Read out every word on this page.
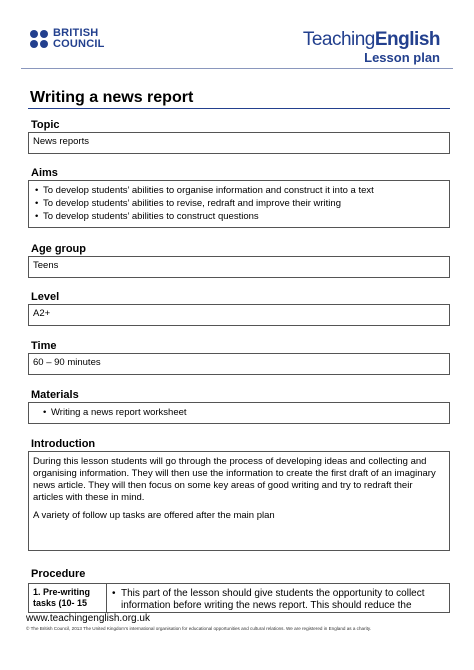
BRITISH
COUNCIL	TeachingEnglish
Lesson plan
Writing a news report
Topic
News reports
Aims
• To develop students’ abilities to organise information and construct it into a text
• To develop students’ abilities to revise, redraft and improve their writing
• To develop students’ abilities to construct questions
Age group
Teens
Level
A2+
Time
60 – 90 minutes
Materials
• Writing a news report worksheet
Introduction

During this lesson students will go through the process of developing ideas and collecting and organising information. They will then use the information to create the first draft of an imaginary news article. They will then focus on some key areas of good writing and try to redraft their articles with these in mind.

A variety of follow up tasks are offered after the main plan

Procedure
1. Pre-writing
tasks (10- 15
• This part of the lesson should give students the opportunity to collect information before writing the news report. This should reduce the
www.teachingenglish.org.uk
© The British Council, 2013 The United Kingdom’s international organisation for educational opportunities and cultural relations. We are registered in England as a charity.
